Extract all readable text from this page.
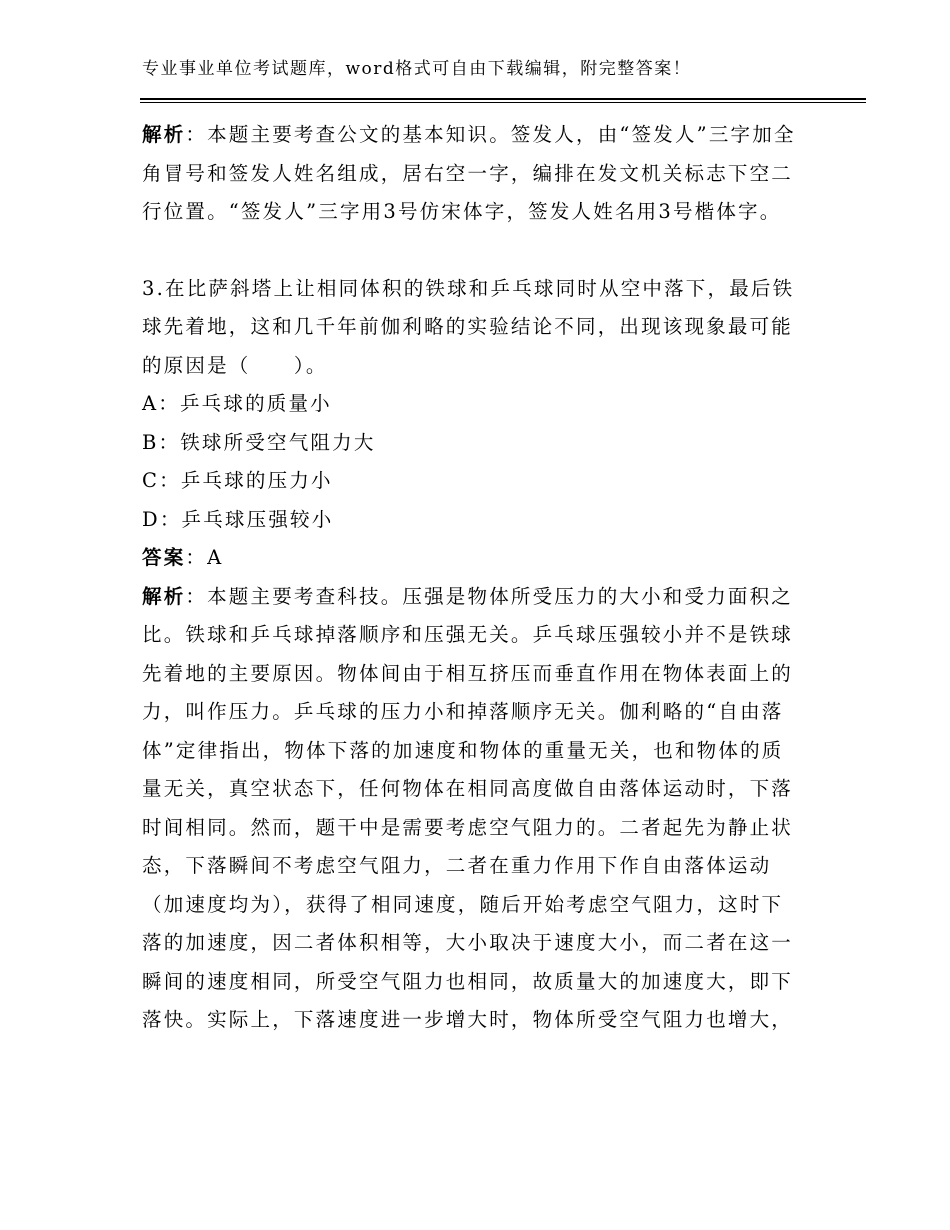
专业事业单位考试题库，word格式可自由下载编辑，附完整答案！

解析：本题主要考查公文的基本知识。签发人，由“签发人”三字加全角冒号和签发人姓名组成，居右空一字，编排在发文机关标志下空二行位置。“签发人”三字用3号仿宋体字，签发人姓名用3号楷体字。

3.在比萨斜塔上让相同体积的铁球和乒乓球同时从空中落下，最后铁球先着地，这和几千年前伽利略的实验结论不同，出现该现象最可能的原因是（　　）。

A：乒乓球的质量小

B：铁球所受空气阻力大

C：乒乓球的压力小

D：乒乓球压强较小

答案：A

解析：本题主要考查科技。压强是物体所受压力的大小和受力面积之比。铁球和乒乓球掉落顺序和压强无关。乒乓球压强较小并不是铁球先着地的主要原因。物体间由于相互挤压而垂直作用在物体表面上的力，叫作压力。乒乓球的压力小和掉落顺序无关。伽利略的“自由落体”定律指出，物体下落的加速度和物体的重量无关，也和物体的质量无关，真空状态下，任何物体在相同高度做自由落体运动时，下落时间相同。然而，题干中是需要考虑空气阻力的。二者起先为静止状态，下落瞬间不考虑空气阻力，二者在重力作用下作自由落体运动（加速度均为），获得了相同速度，随后开始考虑空气阻力，这时下落的加速度，因二者体积相等，大小取决于速度大小，而二者在这一瞬间的速度相同，所受空气阻力也相同，故质量大的加速度大，即下落快。实际上，下落速度进一步增大时，物体所受空气阻力也增大，
